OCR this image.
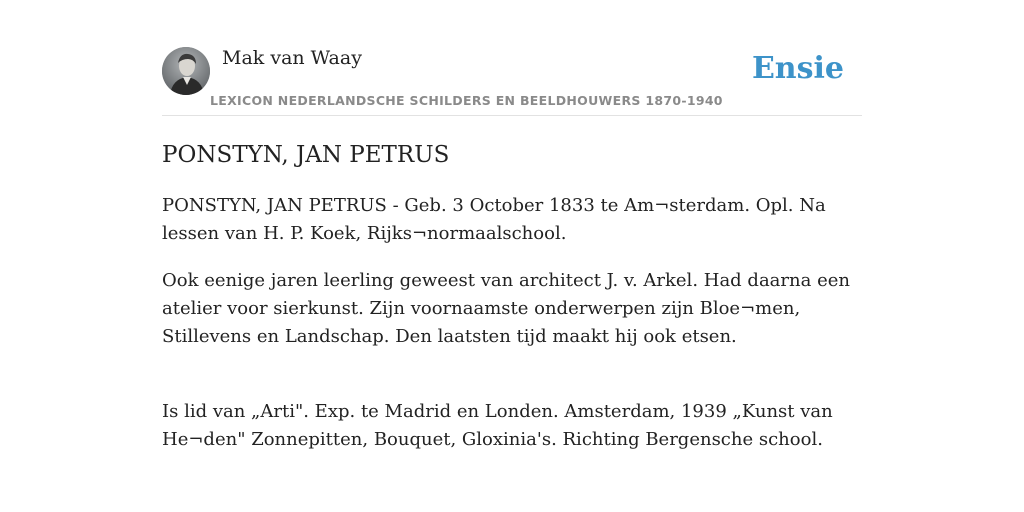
Mak van Waay
LEXICON NEDERLANDSCHE SCHILDERS EN BEELDHOUWERS 1870-1940
Ensie
PONSTYN, JAN PETRUS

PONSTYN, JAN PETRUS - Geb. 3 October 1833 te Am¬sterdam. Opl. Na lessen van H. P. Koek, Rijks¬normaalschool.

Ook eenige jaren leerling geweest van architect J. v. Arkel. Had daarna een atelier voor sierkunst. Zijn voornaamste onderwerpen zijn Bloe¬men, Stillevens en Landschap. Den laatsten tijd maakt hij ook etsen.

Is lid van „Arti". Exp. te Madrid en Londen. Amsterdam, 1939 „Kunst van He¬den" Zonnepitten, Bouquet, Gloxinia's. Richting Bergensche school.
